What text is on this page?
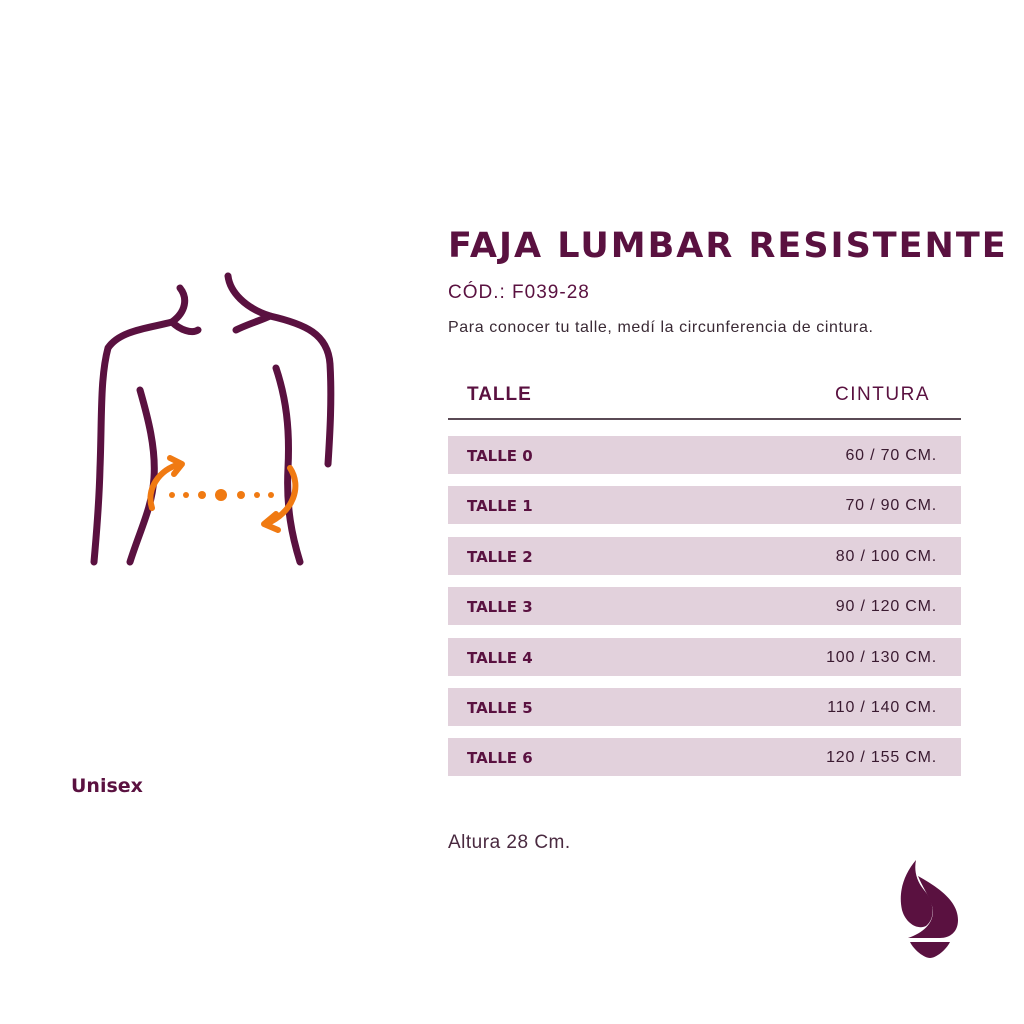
Unisex
FAJA LUMBAR RESISTENTE
CÓD.: F039-28
Para conocer tu talle, medí la circunferencia de cintura.
TALLE	CINTURA
TALLE 0	60 / 70 CM.
TALLE 1	70 / 90 CM.
TALLE 2	80 / 100 CM.
TALLE 3	90 / 120 CM.
TALLE 4	100 / 130 CM.
TALLE 5	110 / 140 CM.
TALLE 6	120 / 155 CM.
Altura 28 Cm.
